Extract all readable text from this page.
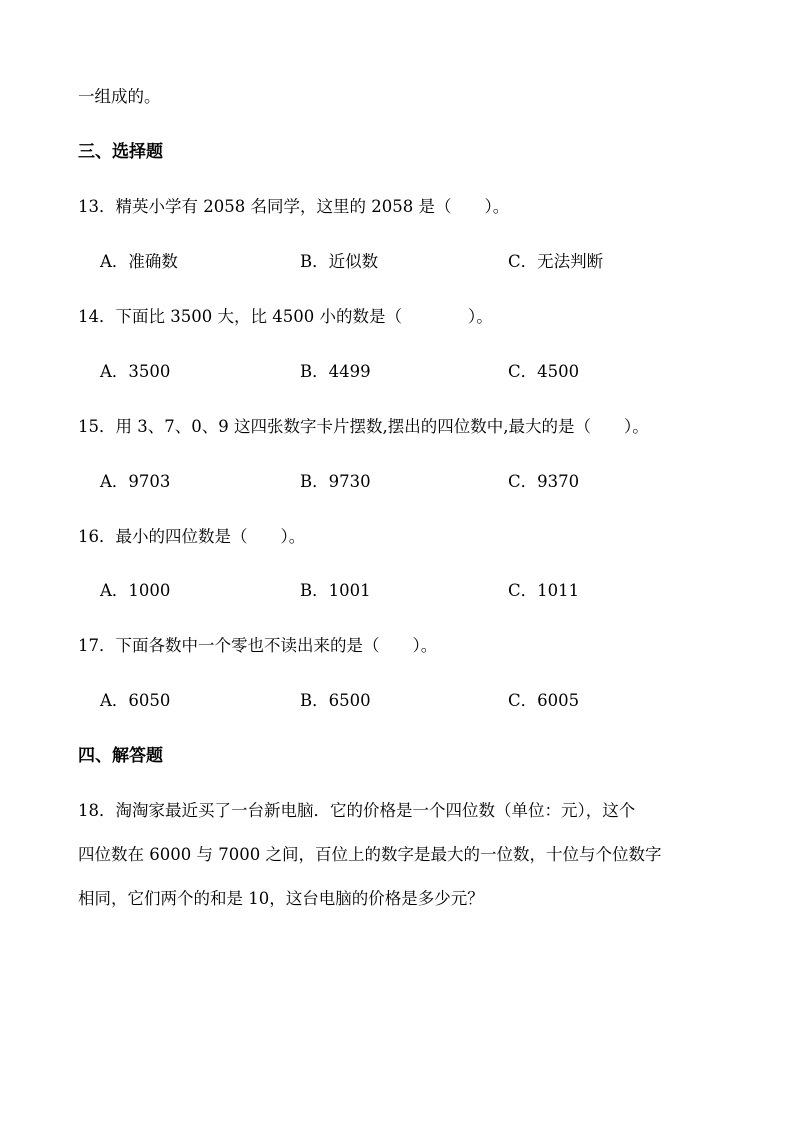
一组成的。
三、选择题
13．精英小学有 2058 名同学，这里的 2058 是（　　）。
A．准确数	B．近似数	C．无法判断
14．下面比 3500 大，比 4500 小的数是（　　　　）。
A．3500	B．4499	C．4500
15．用 3、7、0、9 这四张数字卡片摆数,摆出的四位数中,最大的是（　　）。
A．9703	B．9730	C．9370
16．最小的四位数是（　　）。
A．1000	B．1001	C．1011
17．下面各数中一个零也不读出来的是（　　）。
A．6050	B．6500	C．6005
四、解答题
18．淘淘家最近买了一台新电脑．它的价格是一个四位数（单位：元），这个
四位数在 6000 与 7000 之间，百位上的数字是最大的一位数，十位与个位数字
相同，它们两个的和是 10，这台电脑的价格是多少元？
